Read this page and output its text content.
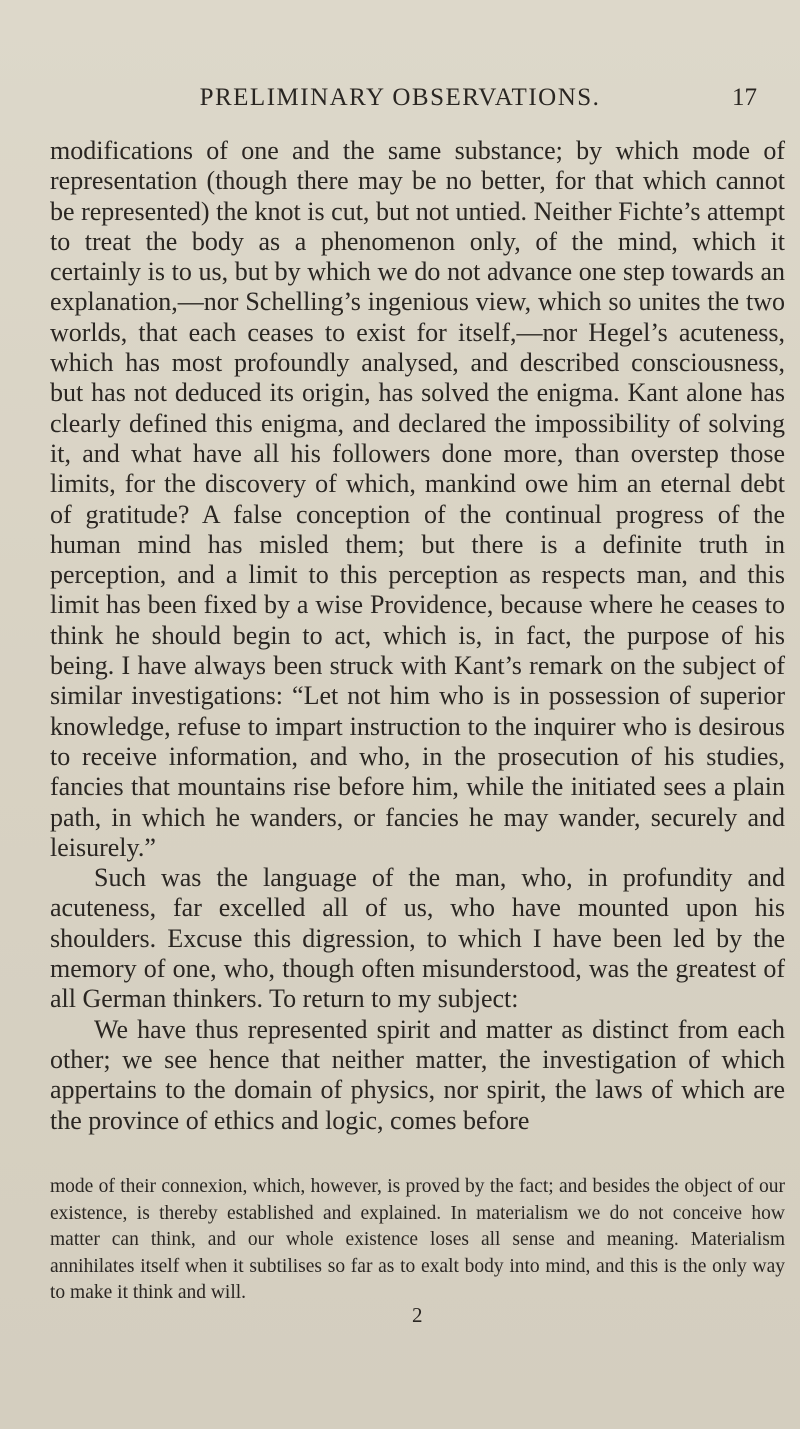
PRELIMINARY OBSERVATIONS.	17

modifications of one and the same substance; by which mode of representation (though there may be no better, for that which cannot be represented) the knot is cut, but not untied. Neither Fichte’s attempt to treat the body as a phenomenon only, of the mind, which it certainly is to us, but by which we do not advance one step towards an explanation,—nor Schelling’s ingenious view, which so unites the two worlds, that each ceases to exist for itself,—nor Hegel’s acuteness, which has most profoundly analysed, and described consciousness, but has not deduced its origin, has solved the enigma. Kant alone has clearly defined this enigma, and declared the impossibility of solving it, and what have all his followers done more, than overstep those limits, for the discovery of which, mankind owe him an eternal debt of gratitude? A false conception of the continual progress of the human mind has misled them; but there is a definite truth in perception, and a limit to this perception as respects man, and this limit has been fixed by a wise Providence, because where he ceases to think he should begin to act, which is, in fact, the purpose of his being. I have always been struck with Kant’s remark on the subject of similar investigations: “Let not him who is in possession of superior knowledge, refuse to impart instruction to the inquirer who is desirous to receive information, and who, in the prosecution of his studies, fancies that mountains rise before him, while the initiated sees a plain path, in which he wanders, or fancies he may wander, securely and leisurely.”

Such was the language of the man, who, in profundity and acuteness, far excelled all of us, who have mounted upon his shoulders. Excuse this digression, to which I have been led by the memory of one, who, though often misunderstood, was the greatest of all German thinkers. To return to my subject:

We have thus represented spirit and matter as distinct from each other; we see hence that neither matter, the investigation of which appertains to the domain of physics, nor spirit, the laws of which are the province of ethics and logic, comes before

mode of their connexion, which, however, is proved by the fact; and besides the object of our existence, is thereby established and explained. In materialism we do not conceive how matter can think, and our whole existence loses all sense and meaning. Materialism annihilates itself when it subtilises so far as to exalt body into mind, and this is the only way to make it think and will.

2
